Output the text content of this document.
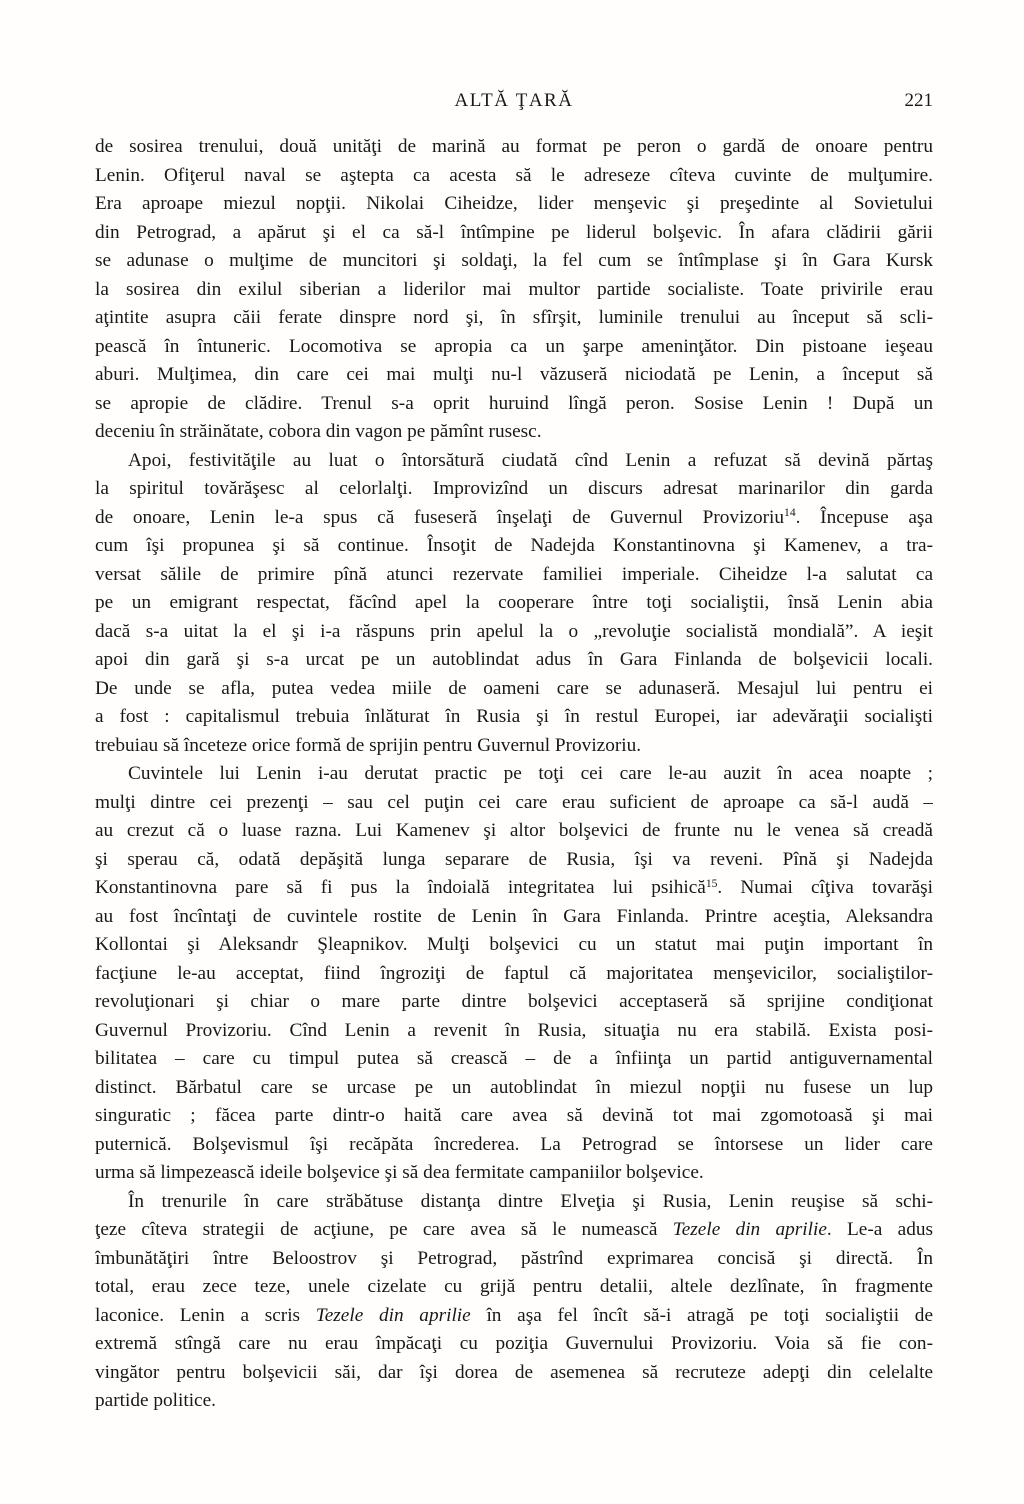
ALTĂ ŢARĂ	221

de sosirea trenului, două unităţi de marină au format pe peron o gardă de onoare pentru
Lenin. Ofiţerul naval se aştepta ca acesta să le adreseze cîteva cuvinte de mulţumire.
Era aproape miezul nopţii. Nikolai Ciheidze, lider menşevic şi preşedinte al Sovietului
din Petrograd, a apărut şi el ca să-l întîmpine pe liderul bolşevic. În afara clădirii gării
se adunase o mulţime de muncitori şi soldaţi, la fel cum se întîmplase şi în Gara Kursk
la sosirea din exilul siberian a liderilor mai multor partide socialiste. Toate privirile erau
aţintite asupra căii ferate dinspre nord şi, în sfîrşit, luminile trenului au început să scli-
pească în întuneric. Locomotiva se apropia ca un şarpe ameninţător. Din pistoane ieşeau
aburi. Mulţimea, din care cei mai mulţi nu-l văzuseră niciodată pe Lenin, a început să
se apropie de clădire. Trenul s-a oprit huruind lîngă peron. Sosise Lenin ! După un
deceniu în străinătate, cobora din vagon pe pămînt rusesc.

Apoi, festivităţile au luat o întorsătură ciudată cînd Lenin a refuzat să devină părtaş
la spiritul tovărăşesc al celorlalţi. Improvizînd un discurs adresat marinarilor din garda
de onoare, Lenin le-a spus că fuseseră înşelaţi de Guvernul Provizoriu$^{14}$. Începuse aşa
cum îşi propunea şi să continue. Însoţit de Nadejda Konstantinovna şi Kamenev, a tra-
versat sălile de primire pînă atunci rezervate familiei imperiale. Ciheidze l-a salutat ca
pe un emigrant respectat, făcînd apel la cooperare între toţi socialiştii, însă Lenin abia
dacă s-a uitat la el şi i-a răspuns prin apelul la o „revoluţie socialistă mondială”. A ieşit
apoi din gară şi s-a urcat pe un autoblindat adus în Gara Finlanda de bolşevicii locali.
De unde se afla, putea vedea miile de oameni care se adunaseră. Mesajul lui pentru ei
a fost : capitalismul trebuia înlăturat în Rusia şi în restul Europei, iar adevăraţii socialişti
trebuiau să înceteze orice formă de sprijin pentru Guvernul Provizoriu.

Cuvintele lui Lenin i-au derutat practic pe toţi cei care le-au auzit în acea noapte ;
mulţi dintre cei prezenţi – sau cel puţin cei care erau suficient de aproape ca să-l audă –
au crezut că o luase razna. Lui Kamenev şi altor bolşevici de frunte nu le venea să creadă
şi sperau că, odată depăşită lunga separare de Rusia, îşi va reveni. Pînă şi Nadejda
Konstantinovna pare să fi pus la îndoială integritatea lui psihică$^{15}$. Numai cîţiva tovarăşi
au fost încîntaţi de cuvintele rostite de Lenin în Gara Finlanda. Printre aceştia, Aleksandra
Kollontai şi Aleksandr Şleapnikov. Mulţi bolşevici cu un statut mai puţin important în
facţiune le-au acceptat, fiind îngroziţi de faptul că majoritatea menşevicilor, socialiştilor-
revoluţionari şi chiar o mare parte dintre bolşevici acceptaseră să sprijine condiţionat
Guvernul Provizoriu. Cînd Lenin a revenit în Rusia, situaţia nu era stabilă. Exista posi-
bilitatea – care cu timpul putea să crească – de a înfiinţa un partid antiguvernamental
distinct. Bărbatul care se urcase pe un autoblindat în miezul nopţii nu fusese un lup
singuratic ; făcea parte dintr-o haită care avea să devină tot mai zgomotoasă şi mai
puternică. Bolşevismul îşi recăpăta încrederea. La Petrograd se întorsese un lider care
urma să limpezească ideile bolşevice şi să dea fermitate campaniilor bolşevice.

În trenurile în care străbătuse distanţa dintre Elveţia şi Rusia, Lenin reuşise să schi-
ţeze cîteva strategii de acţiune, pe care avea să le numească Tezele din aprilie. Le-a adus
îmbunătăţiri între Beloostrov şi Petrograd, păstrînd exprimarea concisă şi directă. În
total, erau zece teze, unele cizelate cu grijă pentru detalii, altele dezlînate, în fragmente
laconice. Lenin a scris Tezele din aprilie în aşa fel încît să-i atragă pe toţi socialiştii de
extremă stîngă care nu erau împăcaţi cu poziţia Guvernului Provizoriu. Voia să fie con-
vingător pentru bolşevicii săi, dar îşi dorea de asemenea să recruteze adepţi din celelalte
partide politice.
